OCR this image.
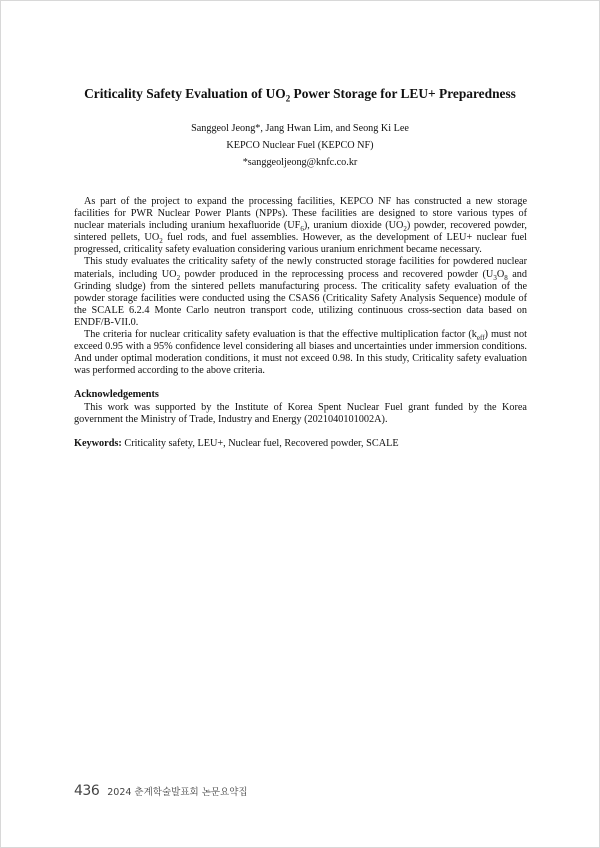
Criticality Safety Evaluation of $UO_2$ Power Storage for LEU+ Preparedness
Sanggeol Jeong*, Jang Hwan Lim, and Seong Ki Lee
KEPCO Nuclear Fuel (KEPCO NF)
*sanggeoljeong@knfc.co.kr

As part of the project to expand the processing facilities, KEPCO NF has constructed a new storage facilities for PWR Nuclear Power Plants (NPPs). These facilities are designed to store various types of nuclear materials including uranium hexafluoride $(UF_6)$, uranium dioxide $(UO_2)$ powder, recovered powder, sintered pellets, $UO_2$ fuel rods, and fuel assemblies. However, as the development of LEU+ nuclear fuel progressed, criticality safety evaluation considering various uranium enrichment became necessary.

This study evaluates the criticality safety of the newly constructed storage facilities for powdered nuclear materials, including $UO_2$ powder produced in the reprocessing process and recovered powder ($U_3O_8$ and Grinding sludge) from the sintered pellets manufacturing process. The criticality safety evaluation of the powder storage facilities were conducted using the CSAS6 (Criticality Safety Analysis Sequence) module of the SCALE 6.2.4 Monte Carlo neutron transport code, utilizing continuous cross-section data based on ENDF/B-VII.0.

The criteria for nuclear criticality safety evaluation is that the effective multiplication factor $(k_{eff})$ must not exceed 0.95 with a 95% confidence level considering all biases and uncertainties under immersion conditions. And under optimal moderation conditions, it must not exceed 0.98. In this study, Criticality safety evaluation was performed according to the above criteria.

Acknowledgements

This work was supported by the Institute of Korea Spent Nuclear Fuel grant funded by the Korea government the Ministry of Trade, Industry and Energy (2021040101002A).

Keywords: Criticality safety, LEU+, Nuclear fuel, Recovered powder, SCALE
436 2024 춘계학술발표회 논문요약집
